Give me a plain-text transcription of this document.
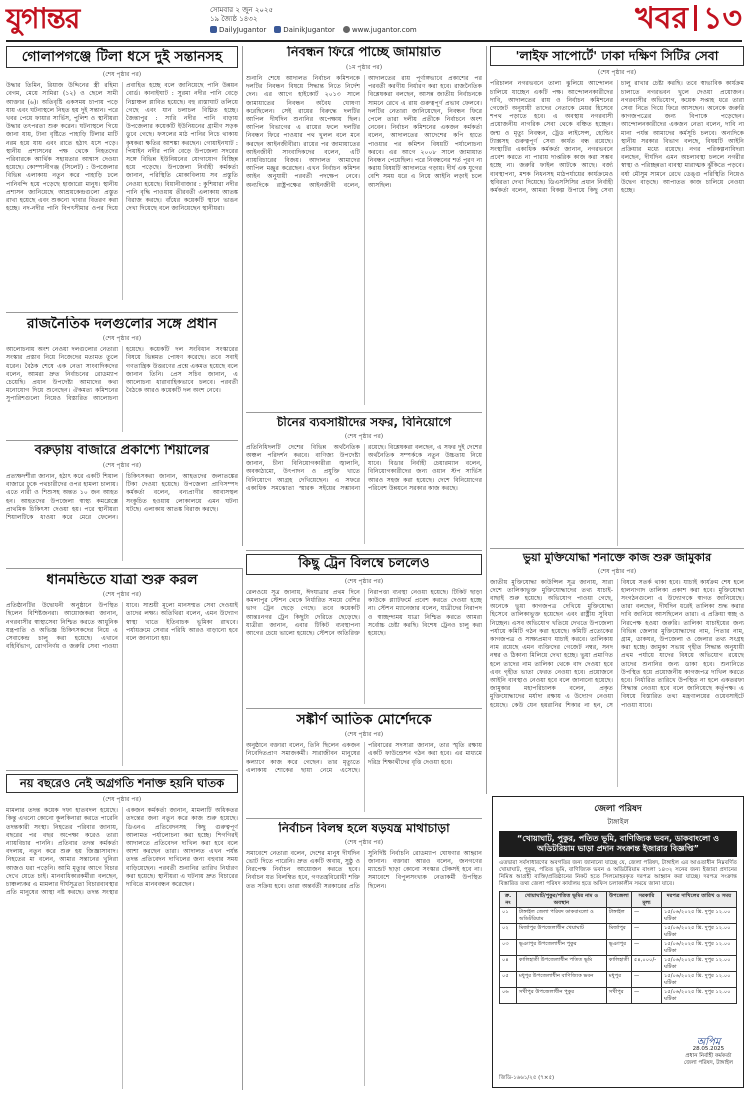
যুগান্তর	সোমবার ২ জুন ২০২৫
১৯ জ্যৈষ্ঠ ১৪৩২
DailyJugantor	DainikJugantor	www.jugantor.com	খবর ১৩
গোলাপগঞ্জে টিলা ধসে দুই সন্তানসহ
(শেষ পৃষ্ঠার পর)
উদ্ধার তিমিন, রিয়াজ উদ্দিনের স্ত্রী রহিমা বেগম, মেয়ে সামিরা (১২) ও ছেলে সামী আক্তার (৬)। অতিবৃষ্টি একসময় চাপায় পড়ে যায় এবং ঘটনাস্থলে নিহত হয় দুই সন্তান। পরে খবর পেয়ে ফায়ার সার্ভিস, পুলিশ ও স্থানীয়রা উদ্ধার তৎপরতা শুরু করেন। ঘটনাস্থলে গিয়ে জানা যায়, টানা বৃষ্টিতে পাহাড়ি টিলার মাটি নরম হয়ে যায় এবং রাতে হঠাৎ ধসে পড়ে। স্থানীয় প্রশাসনের পক্ষ থেকে নিহতদের পরিবারকে আর্থিক সহায়তার আশ্বাস দেওয়া হয়েছে। কোম্পানীগঞ্জ (সিলেট) : উপজেলার বিভিন্ন এলাকায় নতুন করে পাহাড়ি ঢলে পানিবন্দি হয়ে পড়েছে হাজারো মানুষ। স্থানীয় প্রশাসন জানিয়েছে আশ্রয়কেন্দ্রগুলো প্রস্তুত রাখা হয়েছে এবং শুকনো খাবার বিতরণ করা হচ্ছে। নদ-নদীর পানি বিপৎসীমার ওপর দিয়ে প্রবাহিত হচ্ছে বলে জানিয়েছে পানি উন্নয়ন বোর্ড। কানাইঘাট : সুরমা নদীর পানি বেড়ে নিম্নাঞ্চল প্লাবিত হয়েছে। বহু রাস্তাঘাট তলিয়ে গেছে এবং যান চলাচল বিঘ্নিত হচ্ছে। জৈন্তাপুর : সারি নদীর পানি বাড়ায় উপজেলার কয়েকটি ইউনিয়নের গ্রামীণ সড়ক ডুবে গেছে। ফসলের মাঠ পানির নিচে থাকায় কৃষকরা ক্ষতির আশঙ্কা করছেন। গোয়াইনঘাট : পিয়াইন নদীর পানি বেড়ে উপজেলা সদরের সঙ্গে বিভিন্ন ইউনিয়নের যোগাযোগ বিচ্ছিন্ন হয়ে পড়েছে। উপজেলা নির্বাহী কর্মকর্তা জানান, পরিস্থিতি মোকাবিলায় সব প্রস্তুতি নেওয়া হয়েছে। বিয়ানীবাজার : কুশিয়ারা নদীর পানি বৃদ্ধি পাওয়ায় তীরবর্তী এলাকায় আতঙ্ক বিরাজ করছে। বাঁধের কয়েকটি স্থানে ভাঙন দেখা দিয়েছে বলে জানিয়েছেন স্থানীয়রা।
রাজনৈতিক দলগুলোর সঙ্গে প্রধান
(শেষ পৃষ্ঠার পর)
আলোচনায় অংশ নেওয়া দলগুলোর নেতারা সংস্কার প্রস্তাব নিয়ে নিজেদের মতামত তুলে ধরেন। বৈঠক শেষে এক নেতা সাংবাদিকদের বলেন, আমরা দ্রুত নির্বাচনের রোডম্যাপ চেয়েছি। প্রধান উপদেষ্টা আমাদের কথা মনোযোগ দিয়ে শুনেছেন। ঐকমত্য কমিশনের সুপারিশগুলো নিয়েও বিস্তারিত আলোচনা হয়েছে। কয়েকটি দল সংবিধান সংস্কারের বিষয়ে ভিন্নমত পোষণ করেছে। তবে সবাই গণতান্ত্রিক উত্তরণের প্রশ্নে একমত হয়েছে বলে জানান তিনি। প্রেস সচিব জানান, এ আলোচনা ধারাবাহিকভাবে চলবে। পরবর্তী বৈঠকে আরও কয়েকটি দল অংশ নেবে।
বরুড়ায় বাজারে প্রকাশ্যে শিয়ালের
(শেষ পৃষ্ঠার পর)
প্রত্যক্ষদর্শীরা জানান, হঠাৎ করে একটি শিয়াল বাজারে ঢুকে পথচারীদের ওপর হামলা চালায়। এতে নারী ও শিশুসহ অন্তত ১০ জন আহত হন। আহতদের উপজেলা স্বাস্থ্য কমপ্লেক্সে প্রাথমিক চিকিৎসা দেওয়া হয়। পরে স্থানীয়রা শিয়ালটিকে ধাওয়া করে মেরে ফেলেন। চিকিৎসকরা জানান, আহতদের জলাতঙ্কের টিকা দেওয়া হয়েছে। উপজেলা প্রাণিসম্পদ কর্মকর্তা বলেন, বন্যপ্রাণীর আবাসস্থল সংকুচিত হওয়ায় লোকালয়ে এমন ঘটনা ঘটছে। এলাকায় আতঙ্ক বিরাজ করছে।
নিবন্ধন ফিরে পাচ্ছে জামায়াত
(১ম পৃষ্ঠার পর)
শুনানি শেষে আদালত নির্বাচন কমিশনকে দলটির নিবন্ধন বিষয়ে সিদ্ধান্ত নিতে নির্দেশ দেন। এর আগে হাইকোর্ট ২০১৩ সালে জামায়াতের নিবন্ধন অবৈধ ঘোষণা করেছিলেন। সেই রায়ের বিরুদ্ধে দলটির আপিল দীর্ঘদিন শুনানির অপেক্ষায় ছিল। আপিল বিভাগের এ রায়ের ফলে দলটির নিবন্ধন ফিরে পাওয়ার পথ খুলল বলে মনে করছেন আইনজীবীরা। রায়ের পর জামায়াতের আইনজীবী সাংবাদিকদের বলেন, এটি ন্যায়বিচারের বিজয়। আদালত আমাদের আপিল মঞ্জুর করেছেন। এখন নির্বাচন কমিশন আইন অনুযায়ী পরবর্তী পদক্ষেপ নেবে। অন্যদিকে রাষ্ট্রপক্ষের আইনজীবী বলেন, আদালতের রায় পূর্ণাঙ্গভাবে প্রকাশের পর পরবর্তী করণীয় নির্ধারণ করা হবে। রাজনৈতিক বিশ্লেষকরা বলছেন, আসন্ন জাতীয় নির্বাচনকে সামনে রেখে এ রায় গুরুত্বপূর্ণ প্রভাব ফেলবে। দলটির নেতারা জানিয়েছেন, নিবন্ধন ফিরে পেলে তারা দলীয় প্রতীকে নির্বাচনে অংশ নেবেন। নির্বাচন কমিশনের একজন কর্মকর্তা বলেন, আদালতের আদেশের কপি হাতে পাওয়ার পর কমিশন বিষয়টি পর্যালোচনা করবে। এর আগে ২০০৮ সালে জামায়াত নিবন্ধন পেয়েছিল। পরে নিবন্ধনের শর্ত পূরণ না করায় বিষয়টি আদালতে গড়ায়। দীর্ঘ এক যুগের বেশি সময় ধরে এ নিয়ে আইনি লড়াই চলে আসছিল।
চীনের ব্যবসায়ীদের সফর, বিনিয়োগে
(শেষ পৃষ্ঠার পর)
প্রতিনিধিদলটি দেশের বিভিন্ন অর্থনৈতিক অঞ্চল পরিদর্শন করবে। বাণিজ্য উপদেষ্টা জানান, চীনা বিনিয়োগকারীরা জ্বালানি, অবকাঠামো, উৎপাদন ও প্রযুক্তি খাতে বিনিয়োগে আগ্রহ দেখিয়েছেন। এ সফরে একাধিক সমঝোতা স্মারক সইয়ের সম্ভাবনা রয়েছে। বিশ্লেষকরা বলছেন, এ সফর দুই দেশের অর্থনৈতিক সম্পর্ককে নতুন উচ্চতায় নিয়ে যাবে। বিডার নির্বাহী চেয়ারম্যান বলেন, বিনিয়োগকারীদের জন্য ওয়ান স্টপ সার্ভিস আরও সহজ করা হয়েছে। দেশে বিনিয়োগের পরিবেশ উন্নয়নে সরকার কাজ করছে।
'লাইফ সাপোর্টে' ঢাকা দক্ষিণ সিটির সেবা
(শেষ পৃষ্ঠার পর)
পরিচালন নগরভবনে তালা ঝুলিয়ে আন্দোলন চালিয়ে যাচ্ছেন একটি পক্ষ। আন্দোলনকারীদের দাবি, আদালতের রায় ও নির্বাচন কমিশনের গেজেট অনুযায়ী তাদের নেতাকে মেয়র হিসেবে শপথ পড়াতে হবে। এ অবস্থায় নগরবাসী প্রয়োজনীয় নাগরিক সেবা থেকে বঞ্চিত হচ্ছেন। জন্ম ও মৃত্যু নিবন্ধন, ট্রেড লাইসেন্স, হোল্ডিং ট্যাক্সসহ গুরুত্বপূর্ণ সেবা কার্যত বন্ধ রয়েছে। সংস্থাটির একাধিক কর্মকর্তা জানান, নগরভবনে প্রবেশ করতে না পারায় দাপ্তরিক কাজ করা সম্ভব হচ্ছে না। জরুরি ফাইল আটকে আছে। বর্জ্য ব্যবস্থাপনা, মশক নিধনসহ মাঠপর্যায়ের কার্যক্রমেও স্থবিরতা দেখা দিয়েছে। ডিএসসিসির প্রধান নির্বাহী কর্মকর্তা বলেন, আমরা বিকল্প উপায়ে কিছু সেবা চালু রাখার চেষ্টা করছি। তবে স্বাভাবিক কার্যক্রম চালাতে নগরভবন খুলে দেওয়া প্রয়োজন। নগরবাসীর অভিযোগ, কয়েক সপ্তাহ ধরে তারা সেবা নিতে গিয়ে ফিরে আসছেন। অনেকে জরুরি কাগজপত্রের জন্য বিপাকে পড়েছেন। আন্দোলনকারীদের একজন নেতা বলেন, দাবি না মানা পর্যন্ত আমাদের কর্মসূচি চলবে। অন্যদিকে স্থানীয় সরকার বিভাগ বলছে, বিষয়টি আইনি প্রক্রিয়ার মধ্যে রয়েছে। নগর পরিকল্পনাবিদরা বলছেন, দীর্ঘদিন এমন অচলাবস্থা চললে নগরীর স্বাস্থ্য ও পরিচ্ছন্নতা ব্যবস্থা মারাত্মক ঝুঁকিতে পড়বে। বর্ষা মৌসুম সামনে রেখে ডেঙ্গু পরিস্থিতি নিয়েও উদ্বেগ বাড়ছে। আপাতত কাজ চালিয়ে নেওয়া হচ্ছে।
ধানমন্ডিতে যাত্রা শুরু করল
(শেষ পৃষ্ঠার পর)
প্রতিষ্ঠানটির উদ্বোধনী অনুষ্ঠানে উপস্থিত ছিলেন বিশিষ্টজনরা। আয়োজকরা জানান, নগরবাসীর স্বাস্থ্যসেবা নিশ্চিত করতে আধুনিক যন্ত্রপাতি ও অভিজ্ঞ চিকিৎসকদের নিয়ে এ সেবাকেন্দ্র চালু করা হয়েছে। এখানে বহির্বিভাগ, রোগনির্ণয় ও জরুরি সেবা পাওয়া যাবে। সাশ্রয়ী মূল্যে মানসম্মত সেবা দেওয়াই তাদের লক্ষ্য। অতিথিরা বলেন, এমন উদ্যোগ স্বাস্থ্য খাতে ইতিবাচক ভূমিকা রাখবে। পর্যায়ক্রমে সেবার পরিধি আরও বাড়ানো হবে বলে জানানো হয়।
নয় বছরেও নেই অগ্রগতি শনাক্ত হয়নি ঘাতক
(শেষ পৃষ্ঠার পর)
মামলার তদন্ত কয়েক দফা হাতবদল হয়েছে। কিন্তু এখনো কোনো কূলকিনারা করতে পারেনি তদন্তকারী সংস্থা। নিহতের পরিবার জানায়, বছরের পর বছর অপেক্ষা করেও তারা ন্যায়বিচার পাননি। প্রতিবার তদন্ত কর্মকর্তা বদলায়, নতুন করে শুরু হয় জিজ্ঞাসাবাদ। নিহতের মা বলেন, আমার সন্তানের খুনিরা আজও ধরা পড়েনি। আমি মৃত্যুর আগে বিচার দেখে যেতে চাই। মানবাধিকারকর্মীরা বলছেন, চাঞ্চল্যকর এ মামলার দীর্ঘসূত্রতা বিচারব্যবস্থার প্রতি মানুষের আস্থা নষ্ট করছে। তদন্ত সংস্থার একজন কর্মকর্তা জানান, মামলাটি অধিকতর তদন্তের জন্য নতুন করে কাজ শুরু হয়েছে। ডিএনএ প্রতিবেদনসহ কিছু গুরুত্বপূর্ণ আলামত পর্যালোচনা করা হচ্ছে। শিগগিরই আদালতে প্রতিবেদন দাখিল করা হবে বলে আশা করছেন তারা। আদালত এখন পর্যন্ত তদন্ত প্রতিবেদন দাখিলের জন্য বহুবার সময় বাড়িয়েছেন। পরবর্তী শুনানির তারিখ নির্ধারণ করা হয়েছে। স্থানীয়রা এ ঘটনায় দ্রুত বিচারের দাবিতে মানববন্ধন করেছেন।
কিছু ট্রেন বিলম্বে চললেও
(শেষ পৃষ্ঠার পর)
রেলওয়ে সূত্র জানায়, ঈদযাত্রার প্রথম দিনে কমলাপুর স্টেশন থেকে নির্ধারিত সময়ে বেশির ভাগ ট্রেন ছেড়ে গেছে। তবে কয়েকটি আন্তঃনগর ট্রেন কিছুটা দেরিতে ছেড়েছে। যাত্রীরা জানান, এবার টিকিট ব্যবস্থাপনা আগের চেয়ে ভালো হয়েছে। স্টেশনে অতিরিক্ত নিরাপত্তা ব্যবস্থা নেওয়া হয়েছে। টিকিট ছাড়া কাউকে প্ল্যাটফর্মে প্রবেশ করতে দেওয়া হচ্ছে না। স্টেশন ম্যানেজার বলেন, যাত্রীদের নিরাপদ ও স্বাচ্ছন্দ্যময় যাত্রা নিশ্চিত করতে আমরা সর্বোচ্চ চেষ্টা করছি। বিশেষ ট্রেনও চালু করা হয়েছে।
সঙ্কীর্ণ আতিক মোর্শেদকে
(শেষ পৃষ্ঠার পর)
অনুষ্ঠানে বক্তারা বলেন, তিনি ছিলেন একজন নিবেদিতপ্রাণ সমাজকর্মী। সারাজীবন মানুষের কল্যাণে কাজ করে গেছেন। তার মৃত্যুতে এলাকায় শোকের ছায়া নেমে এসেছে। পরিবারের সদস্যরা জানান, তার স্মৃতি রক্ষায় একটি ফাউন্ডেশন গঠন করা হবে। এর মাধ্যমে দরিদ্র শিক্ষার্থীদের বৃত্তি দেওয়া হবে।
নির্বাচন বিলম্ব হলে ষড়যন্ত্র মাথাচাড়া
(শেষ পৃষ্ঠার পর)
সমাবেশে নেতারা বলেন, দেশের মানুষ দীর্ঘদিন ভোট দিতে পারেনি। দ্রুত একটি অবাধ, সুষ্ঠু ও নিরপেক্ষ নির্বাচন আয়োজন করতে হবে। নির্বাচন যত বিলম্বিত হবে, গণতন্ত্রবিরোধী শক্তি তত সক্রিয় হবে। তারা অন্তর্বর্তী সরকারের প্রতি সুনির্দিষ্ট নির্বাচনি রোডম্যাপ ঘোষণার আহ্বান জানান। বক্তারা আরও বলেন, জনগণের ম্যান্ডেট ছাড়া কোনো সংস্কার টেকসই হবে না। সমাবেশে বিপুলসংখ্যক নেতাকর্মী উপস্থিত ছিলেন।
ভুয়া মুক্তিযোদ্ধা শনাক্তে কাজ শুরু জামুকার
(শেষ পৃষ্ঠার পর)
জাতীয় মুক্তিযোদ্ধা কাউন্সিল সূত্র জানায়, সারা দেশে তালিকাভুক্ত মুক্তিযোদ্ধাদের তথ্য যাচাই-বাছাই শুরু হয়েছে। অভিযোগ পাওয়া গেছে, অনেকে ভুয়া কাগজপত্র দেখিয়ে মুক্তিযোদ্ধা হিসেবে তালিকাভুক্ত হয়েছেন এবং রাষ্ট্রীয় সুবিধা নিচ্ছেন। এসব অভিযোগ খতিয়ে দেখতে উপজেলা পর্যায়ে কমিটি গঠন করা হয়েছে। কমিটি প্রত্যেকের কাগজপত্র ও সাক্ষ্যপ্রমাণ যাচাই করবে। তালিকায় নাম রয়েছে এমন ব্যক্তিদের গেজেট নম্বর, সনদ নম্বর ও ঠিকানা মিলিয়ে দেখা হচ্ছে। ভুয়া প্রমাণিত হলে তাদের নাম তালিকা থেকে বাদ দেওয়া হবে এবং গৃহীত ভাতা ফেরত নেওয়া হবে। প্রয়োজনে আইনি ব্যবস্থাও নেওয়া হবে বলে জানানো হয়েছে। জামুকার মহাপরিচালক বলেন, প্রকৃত মুক্তিযোদ্ধাদের মর্যাদা রক্ষায় এ উদ্যোগ নেওয়া হয়েছে। কেউ যেন হয়রানির শিকার না হন, সে বিষয়ে সতর্ক থাকা হবে। যাচাই কার্যক্রম শেষ হলে হালনাগাদ তালিকা প্রকাশ করা হবে। মুক্তিযোদ্ধা সংগঠনগুলো এ উদ্যোগকে স্বাগত জানিয়েছে। তারা বলছেন, দীর্ঘদিন ধরেই তালিকা শুদ্ধ করার দাবি জানিয়ে আসছিলেন তারা। এ প্রক্রিয়া স্বচ্ছ ও নিরপেক্ষ হওয়া জরুরি। তালিকা যাচাইয়ের জন্য বিভিন্ন জেলার মুক্তিযোদ্ধাদের নাম, পিতার নাম, গ্রাম, ডাকঘর, উপজেলা ও জেলার তথ্য সংগ্রহ করা হচ্ছে। জামুকা সভায় গৃহীত সিদ্ধান্ত অনুযায়ী প্রথম পর্যায়ে যাদের বিষয়ে অভিযোগ রয়েছে তাদের শুনানির জন্য ডাকা হবে। শুনানিতে উপস্থিত হয়ে প্রয়োজনীয় কাগজপত্র দাখিল করতে হবে। নির্ধারিত তারিখে উপস্থিত না হলে একতরফা সিদ্ধান্ত নেওয়া হবে বলে জানিয়েছে কর্তৃপক্ষ। এ বিষয়ে বিস্তারিত তথ্য মন্ত্রণালয়ের ওয়েবসাইটে পাওয়া যাবে।
জেলা পরিষদ
টাঙ্গাইল
“খোয়াঘাট, পুকুর, পতিত ভূমি, বাণিজ্যিক ভবন, ডাকবাংলো ও অডিটরিয়াম ভাড়া প্রদান সংক্রান্ত ইজারার বিজ্ঞপ্তি”
এতদ্বারা সর্বসাধারণের অবগতির জন্য জানানো যাচ্ছে যে, জেলা পরিষদ, টাঙ্গাইল এর আওতাধীন নিম্নবর্ণিত খোয়াঘাট, পুকুর, পতিত ভূমি, বাণিজ্যিক ভবন ও অডিটরিয়াম বাংলা ১৪৩২ সনের জন্য ইজারা প্রদানের নিমিত্ত আগ্রহী ব্যক্তি/প্রতিষ্ঠানের নিকট হতে সিলমোহরকৃত দরপত্র আহ্বান করা যাচ্ছে। দরপত্র সংক্রান্ত বিস্তারিত তথ্য জেলা পরিষদ কার্যালয় হতে অফিস চলাকালীন সময়ে জানা যাবে।
ক্র. নং	খোয়াঘাট/পুকুর/পতিত ভূমির নাম ও অবস্থান	উপজেলা	সরকারি মূল্য	দরপত্র দাখিলের তারিখ ও সময়
০১	টাঙ্গাইল জেলা পরিষদ ডাকবাংলো ও অডিটরিয়াম	টাঙ্গাইল	—	১৫/০৬/২০২৫ খ্রি. দুপুর ১২.০০ ঘটিকা
০২	মির্জাপুর উপজেলাধীন খেয়াঘাট	মির্জাপুর	—	১৫/০৬/২০২৫ খ্রি. দুপুর ১২.০০ ঘটিকা
০৩	ভূঞাপুর উপজেলাধীন পুকুর	ভূঞাপুর	—	১৫/০৬/২০২৫ খ্রি. দুপুর ১২.০০ ঘটিকা
০৪	কালিহাতী উপজেলাধীন পতিত ভূমি	কালিহাতী	৫৪,০০০/-	১৫/০৬/২০২৫ খ্রি. দুপুর ১২.০০ ঘটিকা
০৫	মধুপুর উপজেলাধীন বাণিজ্যিক ভবন	মধুপুর	—	১৫/০৬/২০২৫ খ্রি. দুপুর ১২.০০ ঘটিকা
০৬	সখীপুর উপজেলাধীন পুকুর	সখীপুর	—	১৫/০৬/২০২৫ খ্রি. দুপুর ১২.০০ ঘটিকা
অপিম
28.05.2025
প্রধান নির্বাহী কর্মকর্তা
জেলা পরিষদ, টাঙ্গাইল
জিডি-১৬৬১/২৫ (৭×৫)
